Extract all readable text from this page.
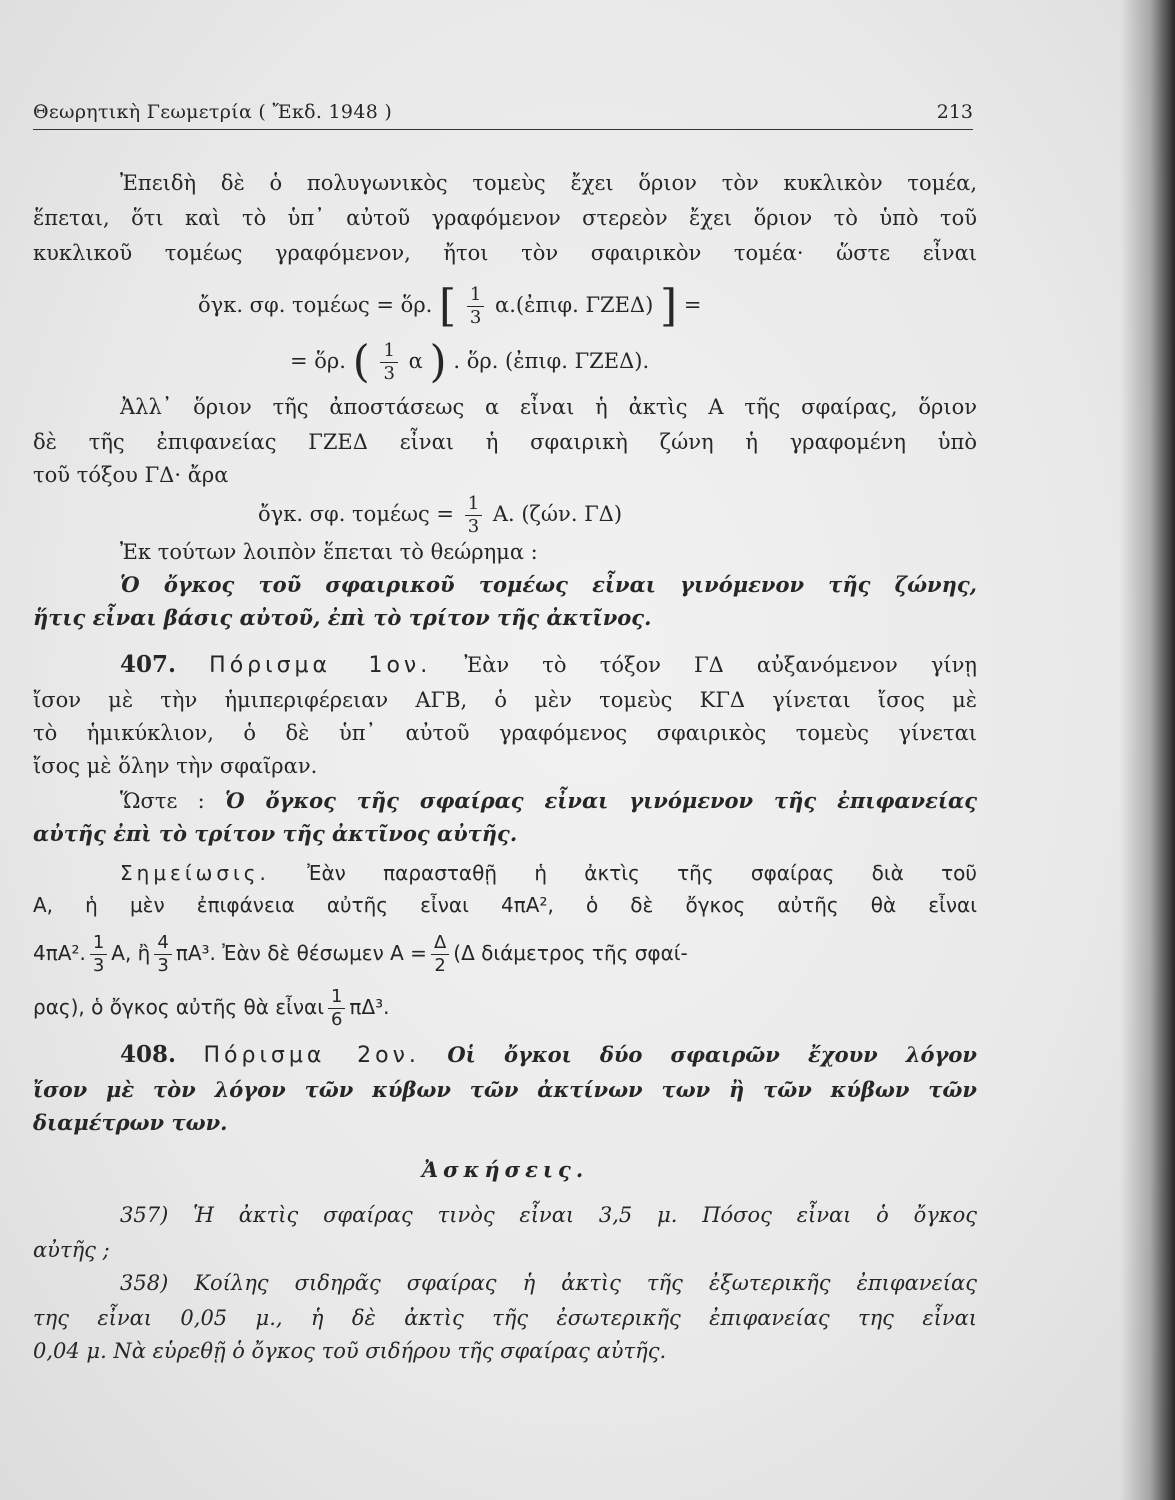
Θεωρητικὴ Γεωμετρία ( Ἔκδ. 1948 )	213
Ἐπειδὴ δὲ ὁ πολυγωνικὸς τομεὺς ἔχει ὅριον τὸν κυκλικὸν τομέα,
ἕπεται, ὅτι καὶ τὸ ὑπ᾽ αὐτοῦ γραφόμενον στερεὸν ἔχει ὅριον τὸ ὑπὸ τοῦ
κυκλικοῦ τομέως γραφόμενον, ἤτοι τὸν σφαιρικὸν τομέα· ὥστε εἶναι
ὄγκ. σφ. τομέως = ὅρ. [ $\frac{1}{3}$ α.(ἐπιφ. ΓΖΕΔ) ] =
= ὅρ. ( $\frac{1}{3}$ α ) . ὅρ. (ἐπιφ. ΓΖΕΔ).
Ἀλλ᾽ ὅριον τῆς ἀποστάσεως α εἶναι ἡ ἀκτὶς Α τῆς σφαίρας, ὅριον
δὲ τῆς ἐπιφανείας ΓΖΕΔ εἶναι ἡ σφαιρικὴ ζώνη ἡ γραφομένη ὑπὸ
τοῦ τόξου ΓΔ· ἄρα
ὄγκ. σφ. $\tau o\mu έ\omega\varsigma = \frac{1}{3} A$. (ζών. ΓΔ)
Ἐκ τούτων λοιπὸν ἕπεται τὸ θεώρημα :
Ὁ ὄγκος τοῦ σφαιρικοῦ τομέως εἶναι γινόμενον τῆς ζώνης,
ἥτις εἶναι βάσις αὐτοῦ, ἐπὶ τὸ τρίτον τῆς ἀκτῖνος.
407. Πόρισμα 1ον. Ἐὰν τὸ τόξον ΓΔ αὐξανόμενον γίνῃ
ἴσον μὲ τὴν ἡμιπεριφέρειαν ΑΓΒ, ὁ μὲν τομεὺς ΚΓΔ γίνεται ἴσος μὲ
τὸ ἡμικύκλιον, ὁ δὲ ὑπ᾽ αὐτοῦ γραφόμενος σφαιρικὸς τομεὺς γίνεται
ἴσος μὲ ὅλην τὴν σφαῖραν.
Ὥστε : Ὁ ὄγκος τῆς σφαίρας εἶναι γινόμενον τῆς ἐπιφανείας
αὐτῆς ἐπὶ τὸ τρίτον τῆς ἀκτῖνος αὐτῆς.
Σημείωσις. Ἐὰν παρασταθῇ ἡ ἀκτὶς τῆς σφαίρας διὰ τοῦ
Α, ἡ μὲν ἐπιφάνεια αὐτῆς εἶναι 4πΑ², ὁ δὲ ὄγκος αὐτῆς θὰ εἶναι
4πΑ². $\frac{1}{3} A$, ἢ $\frac{4}{3} \pi A^3$. Ἐὰν δὲ θέσωμεν $A = \frac{\Delta}{2} (\Delta$ διάμετρος τῆς σφαί-
ρας), ὁ ὄγκος αὐτῆς θὰ εἶναι $\frac{1}{6} \pi\Delta^3$.
408. Πόρισμα 2ον. Οἱ ὄγκοι δύο σφαιρῶν ἔχουν λόγον
ἴσον μὲ τὸν λόγον τῶν κύβων τῶν ἀκτίνων των ἢ τῶν κύβων τῶν
διαμέτρων των.
Ἀσκήσεις.
357) Ἡ ἀκτὶς σφαίρας τινὸς εἶναι 3,5 μ. Πόσος εἶναι ὁ ὄγκος
αὐτῆς ;
358) Κοίλης σιδηρᾶς σφαίρας ἡ ἀκτὶς τῆς ἐξωτερικῆς ἐπιφανείας
της εἶναι 0,05 μ., ἡ δὲ ἀκτὶς τῆς ἐσωτερικῆς ἐπιφανείας της εἶναι
0,04 μ. Νὰ εὑρεθῇ ὁ ὄγκος τοῦ σιδήρου τῆς σφαίρας αὐτῆς.
